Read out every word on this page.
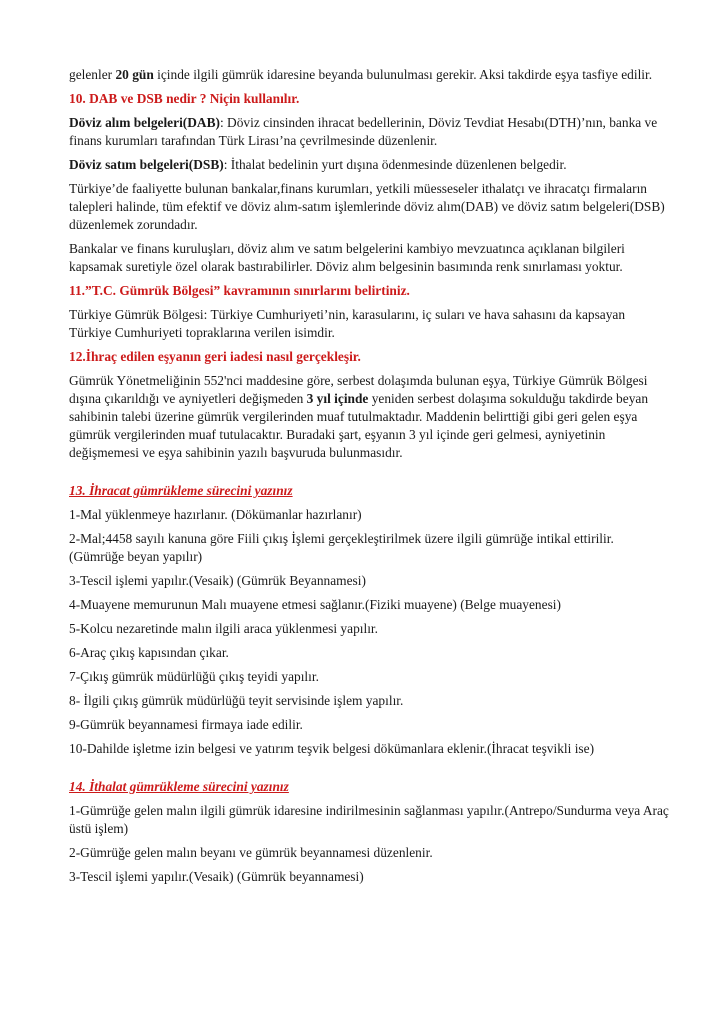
gelenler 20 gün içinde ilgili gümrük idaresine beyanda bulunulması gerekir. Aksi takdirde eşya tasfiye edilir.

10. DAB ve DSB nedir ? Niçin kullanılır.

Döviz alım belgeleri(DAB): Döviz cinsinden ihracat bedellerinin, Döviz Tevdiat Hesabı(DTH)’nın, banka ve finans kurumları tarafından Türk Lirası’na çevrilmesinde düzenlenir.

Döviz satım belgeleri(DSB): İthalat bedelinin yurt dışına ödenmesinde düzenlenen belgedir.

Türkiye’de faaliyette bulunan bankalar,finans kurumları, yetkili müesseseler ithalatçı ve ihracatçı firmaların talepleri halinde, tüm efektif ve döviz alım-satım işlemlerinde döviz alım(DAB) ve döviz satım belgeleri(DSB) düzenlemek zorundadır.

Bankalar ve finans kuruluşları, döviz alım ve satım belgelerini kambiyo mevzuatınca açıklanan bilgileri kapsamak suretiyle özel olarak bastırabilirler. Döviz alım belgesinin basımında renk sınırlaması yoktur.

11.”T.C. Gümrük Bölgesi” kavramının sınırlarını belirtiniz.

Türkiye Gümrük Bölgesi: Türkiye Cumhuriyeti’nin, karasularını, iç suları ve hava sahasını da kapsayan Türkiye Cumhuriyeti topraklarına verilen isimdir.

12.İhraç edilen eşyanın geri iadesi nasıl gerçekleşir.

Gümrük Yönetmeliğinin 552'nci maddesine göre, serbest dolaşımda bulunan eşya, Türkiye Gümrük Bölgesi dışına çıkarıldığı ve ayniyetleri değişmeden 3 yıl içinde yeniden serbest dolaşıma sokulduğu takdirde beyan sahibinin talebi üzerine gümrük vergilerinden muaf tutulmaktadır. Maddenin belirttiği gibi geri gelen eşya gümrük vergilerinden muaf tutulacaktır. Buradaki şart, eşyanın 3 yıl içinde geri gelmesi, ayniyetinin değişmemesi ve eşya sahibinin yazılı başvuruda bulunmasıdır.

13. İhracat gümrükleme sürecini yazınız

1-Mal yüklenmeye hazırlanır. (Dökümanlar hazırlanır)

2-Mal;4458 sayılı kanuna göre Fiili çıkış İşlemi gerçekleştirilmek üzere ilgili gümrüğe intikal ettirilir. (Gümrüğe beyan yapılır)

3-Tescil işlemi yapılır.(Vesaik) (Gümrük Beyannamesi)

4-Muayene memurunun Malı muayene etmesi sağlanır.(Fiziki muayene) (Belge muayenesi)

5-Kolcu nezaretinde malın ilgili araca yüklenmesi yapılır.

6-Araç çıkış kapısından çıkar.

7-Çıkış gümrük müdürlüğü çıkış teyidi yapılır.

8- İlgili çıkış gümrük müdürlüğü teyit servisinde işlem yapılır.

9-Gümrük beyannamesi firmaya iade edilir.

10-Dahilde işletme izin belgesi ve yatırım teşvik belgesi dökümanlara eklenir.(İhracat teşvikli ise)

14. İthalat gümrükleme sürecini yazınız

1-Gümrüğe gelen malın ilgili gümrük idaresine indirilmesinin sağlanması yapılır.(Antrepo/Sundurma veya Araç üstü işlem)

2-Gümrüğe gelen malın beyanı ve gümrük beyannamesi düzenlenir.

3-Tescil işlemi yapılır.(Vesaik) (Gümrük beyannamesi)
